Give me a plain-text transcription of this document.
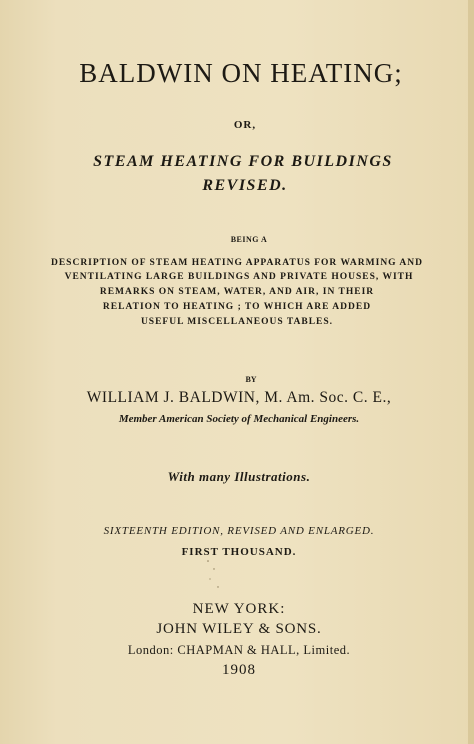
BALDWIN ON HEATING;
OR,
STEAM HEATING FOR BUILDINGS
REVISED.
BEING A
DESCRIPTION OF STEAM HEATING APPARATUS FOR WARMING AND
VENTILATING LARGE BUILDINGS AND PRIVATE HOUSES, WITH
REMARKS ON STEAM, WATER, AND AIR, IN THEIR
RELATION TO HEATING ; TO WHICH ARE ADDED
USEFUL MISCELLANEOUS TABLES.
BY
WILLIAM J. BALDWIN, M. Am. Soc. C. E.,
Member American Society of Mechanical Engineers.
With many Illustrations.
SIXTEENTH EDITION, REVISED AND ENLARGED.
FIRST THOUSAND.
NEW YORK:
JOHN WILEY & SONS.
London: CHAPMAN & HALL, Limited.
1908
